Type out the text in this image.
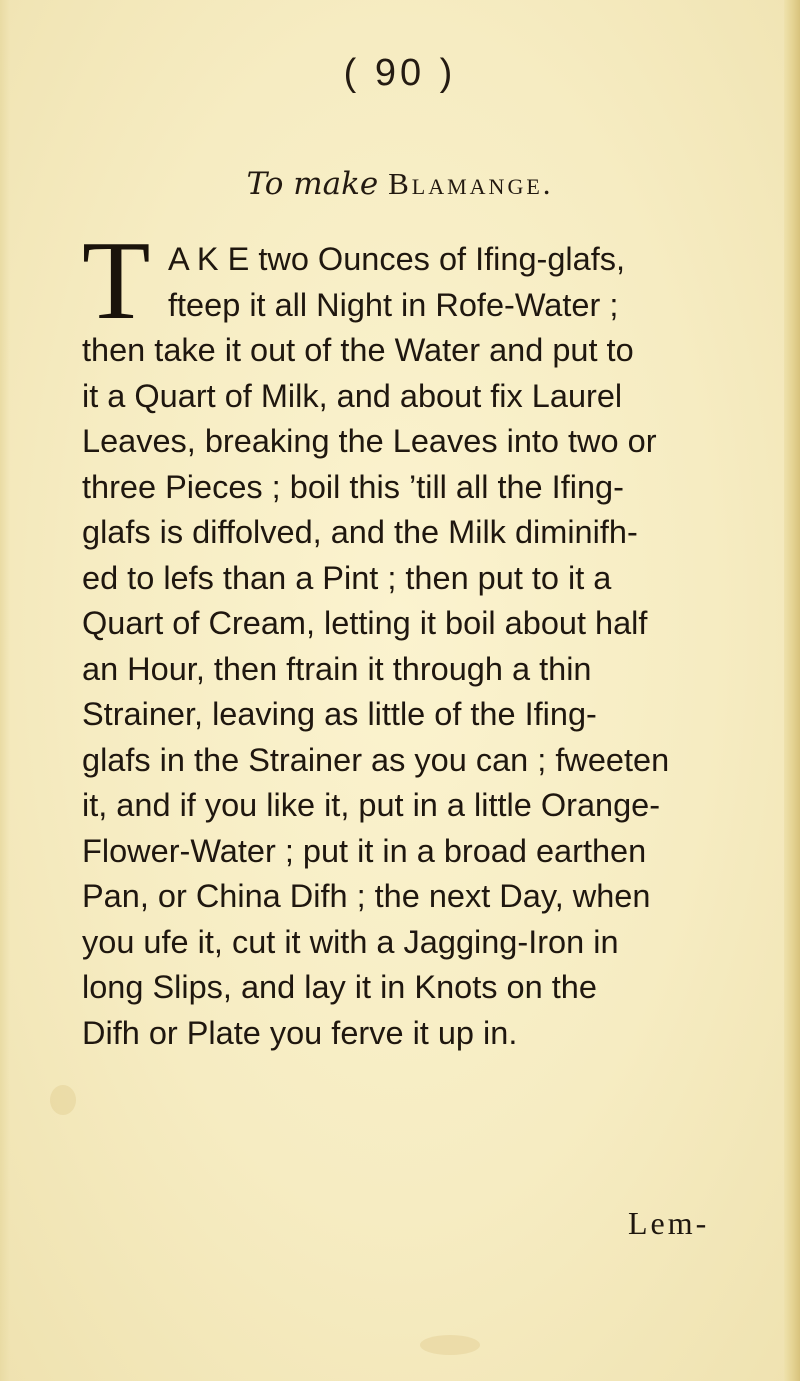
( 90 )
To make Blamange.
T

A K E two Ounces of Ifing-glafs,

fteep it all Night in Rofe-Water ;

then take it out of the Water and put to

it a Quart of Milk, and about fix Laurel

Leaves, breaking the Leaves into two or

three Pieces ; boil this ’till all the Ifing-

glafs is diffolved, and the Milk diminifh-

ed to lefs than a Pint ; then put to it a

Quart of Cream, letting it boil about half

an Hour, then ftrain it through a thin

Strainer, leaving as little of the Ifing-

glafs in the Strainer as you can ; fweeten

it, and if you like it, put in a little Orange-

Flower-Water ; put it in a broad earthen

Pan, or China Difh ; the next Day, when

you ufe it, cut it with a Jagging-Iron in

long Slips, and lay it in Knots on the

Difh or Plate you ferve it up in.

Lem-
